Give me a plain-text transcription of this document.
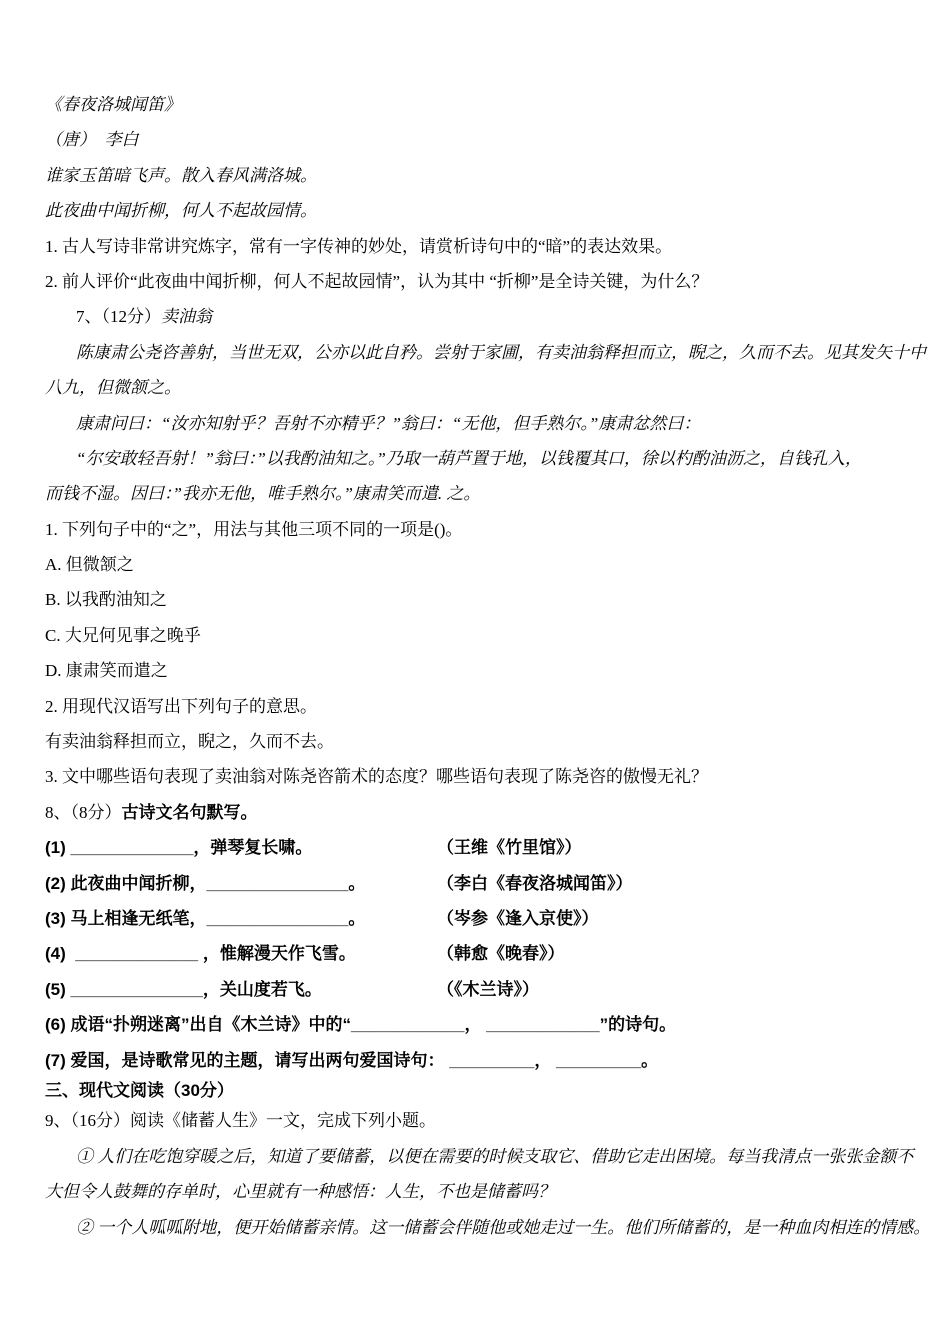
《春夜洛城闻笛》
（唐）  李白
谁家玉笛暗飞声。散入春风满洛城。
此夜曲中闻折柳，何人不起故园情。
1. 古人写诗非常讲究炼字，常有一字传神的妙处，请赏析诗句中的“暗”的表达效果。
2. 前人评价“此夜曲中闻折柳，何人不起故园情”，认为其中 “折柳”是全诗关键，为什么？
7、（12分）卖油翁
陈康肃公尧咨善射，当世无双，公亦以此自矜。尝射于家圃，有卖油翁释担而立，睨之，久而不去。见其发矢十中
八九，但微颔之。
康肃问曰：“汝亦知射乎？吾射不亦精乎？”翁曰：“无他，但手熟尔。”康肃忿然曰：
“尔安敢轻吾射！”翁曰：”以我酌油知之。”乃取一葫芦置于地，以钱覆其口，徐以杓酌油沥之，自钱孔入，
而钱不湿。因曰：”我亦无他，唯手熟尔。”康肃笑而遣. 之。
1. 下列句子中的“之”，用法与其他三项不同的一项是()。
A. 但微颔之
B. 以我酌油知之
C. 大兄何见事之晚乎
D. 康肃笑而遣之
2. 用现代汉语写出下列句子的意思。
有卖油翁释担而立，睨之，久而不去。
3. 文中哪些语句表现了卖油翁对陈尧咨箭术的态度？哪些语句表现了陈尧咨的傲慢无礼？
8、（8分）古诗文名句默写。
(1) _____________，弹琴复长啸。	（王维《竹里馆》）
(2) 此夜曲中闻折柳，_______________。	（李白《春夜洛城闻笛》）
(3) 马上相逢无纸笔，_______________。	（岑参《逢入京使》）
(4)  _____________ ，惟解漫天作飞雪。	（韩愈《晚春》）
(5) ______________，关山度若飞。	（《木兰诗》）
(6) 成语“扑朔迷离”出自《木兰诗》中的“____________， ____________”的诗句。
(7) 爱国，是诗歌常见的主题，请写出两句爱国诗句： _________， _________。
三、现代文阅读（30分）
9、（16分）阅读《储蓄人生》一文，完成下列小题。
① 人们在吃饱穿暖之后，知道了要储蓄，以便在需要的时候支取它、借助它走出困境。每当我清点一张张金额不
大但令人鼓舞的存单时，心里就有一种感悟：人生，不也是储蓄吗？
② 一个人呱呱附地，便开始储蓄亲情。这一储蓄会伴随他或她走过一生。他们所储蓄的，是一种血肉相连的情感。
